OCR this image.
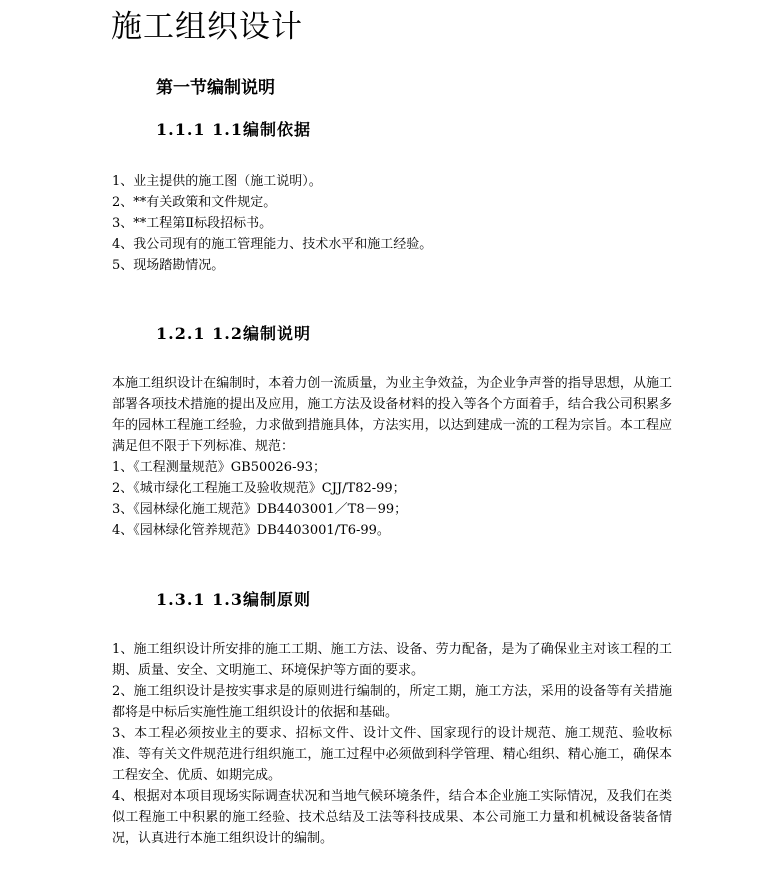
施工组织设计
第一节编制说明
1.1.1 1.1编制依据
1、业主提供的施工图（施工说明）。
2、**有关政策和文件规定。
3、**工程第Ⅱ标段招标书。
4、我公司现有的施工管理能力、技术水平和施工经验。
5、现场踏勘情况。
1.2.1 1.2编制说明
本施工组织设计在编制时，本着力创一流质量，为业主争效益，为企业争声誉的指导思想，从施工部署各项技术措施的提出及应用，施工方法及设备材料的投入等各个方面着手，结合我公司积累多年的园林工程施工经验，力求做到措施具体，方法实用，以达到建成一流的工程为宗旨。本工程应满足但不限于下列标准、规范：
1、《工程测量规范》GB50026-93；
2、《城市绿化工程施工及验收规范》CJJ/T82-99；
3、《园林绿化施工规范》DB4403001／T8－99；
4、《园林绿化管养规范》DB4403001/T6-99。
1.3.1 1.3编制原则
1、施工组织设计所安排的施工工期、施工方法、设备、劳力配备，是为了确保业主对该工程的工期、质量、安全、文明施工、环境保护等方面的要求。
2、施工组织设计是按实事求是的原则进行编制的，所定工期，施工方法，采用的设备等有关措施都将是中标后实施性施工组织设计的依据和基础。
3、本工程必须按业主的要求、招标文件、设计文件、国家现行的设计规范、施工规范、验收标准、等有关文件规范进行组织施工，施工过程中必须做到科学管理、精心组织、精心施工，确保本工程安全、优质、如期完成。
4、根据对本项目现场实际调查状况和当地气候环境条件，结合本企业施工实际情况，及我们在类似工程施工中积累的施工经验、技术总结及工法等科技成果、本公司施工力量和机械设备装备情况，认真进行本施工组织设计的编制。
